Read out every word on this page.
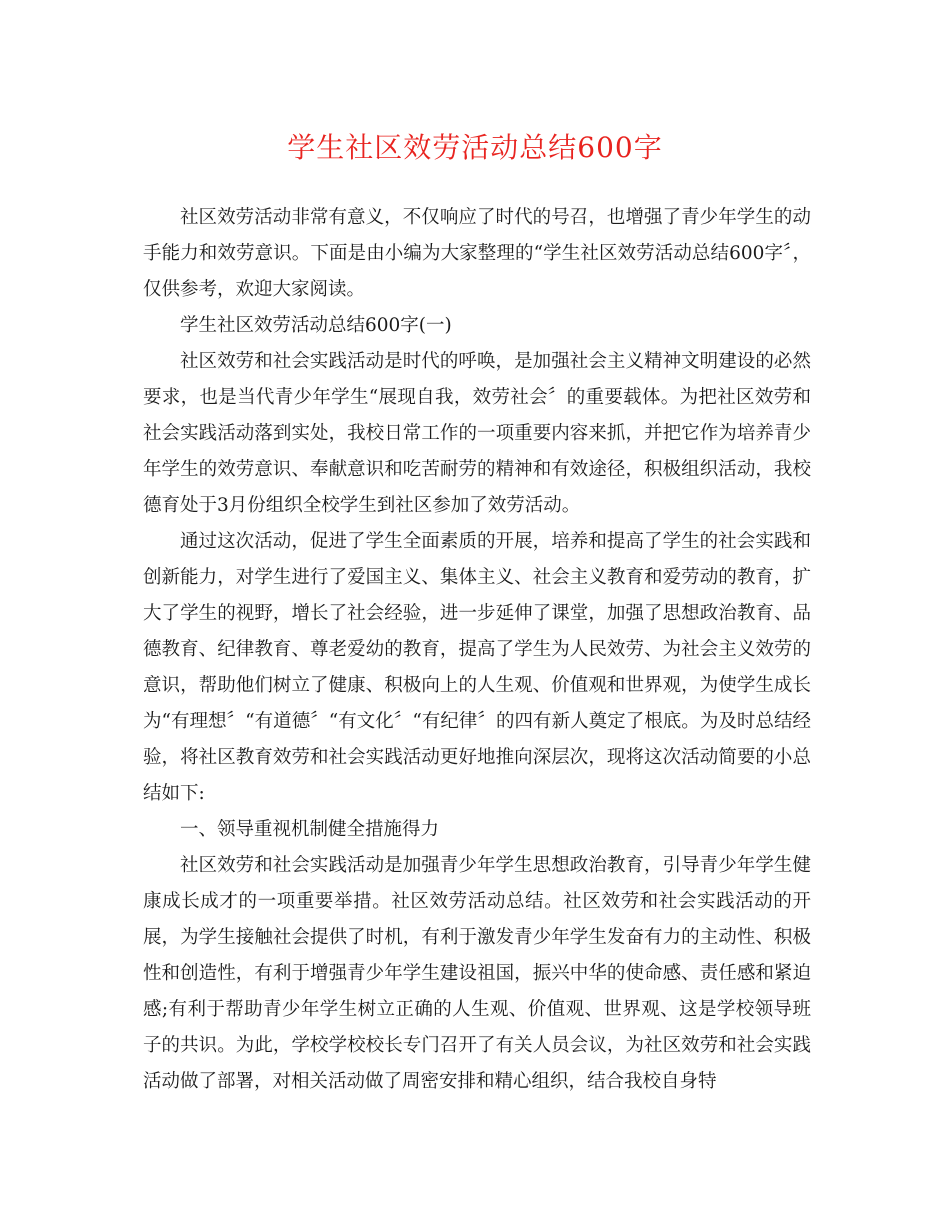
学生社区效劳活动总结600字

社区效劳活动非常有意义，不仅响应了时代的号召，也增强了青少年学生的动手能力和效劳意识。下面是由小编为大家整理的“学生社区效劳活动总结600字〞，仅供参考，欢迎大家阅读。

学生社区效劳活动总结600字(一)

社区效劳和社会实践活动是时代的呼唤，是加强社会主义精神文明建设的必然要求，也是当代青少年学生“展现自我，效劳社会〞的重要载体。为把社区效劳和社会实践活动落到实处，我校日常工作的一项重要内容来抓，并把它作为培养青少年学生的效劳意识、奉献意识和吃苦耐劳的精神和有效途径，积极组织活动，我校德育处于3月份组织全校学生到社区参加了效劳活动。

通过这次活动，促进了学生全面素质的开展，培养和提高了学生的社会实践和创新能力，对学生进行了爱国主义、集体主义、社会主义教育和爱劳动的教育，扩大了学生的视野，增长了社会经验，进一步延伸了课堂，加强了思想政治教育、品德教育、纪律教育、尊老爱幼的教育，提高了学生为人民效劳、为社会主义效劳的意识，帮助他们树立了健康、积极向上的人生观、价值观和世界观，为使学生成长为“有理想〞“有道德〞“有文化〞“有纪律〞的四有新人奠定了根底。为及时总结经验，将社区教育效劳和社会实践活动更好地推向深层次，现将这次活动简要的小总结如下:

一、领导重视机制健全措施得力

社区效劳和社会实践活动是加强青少年学生思想政治教育，引导青少年学生健康成长成才的一项重要举措。社区效劳活动总结。社区效劳和社会实践活动的开展，为学生接触社会提供了时机，有利于激发青少年学生发奋有力的主动性、积极性和创造性，有利于增强青少年学生建设祖国，振兴中华的使命感、责任感和紧迫感;有利于帮助青少年学生树立正确的人生观、价值观、世界观、这是学校领导班子的共识。为此，学校学校校长专门召开了有关人员会议，为社区效劳和社会实践活动做了部署，对相关活动做了周密安排和精心组织，结合我校自身特
